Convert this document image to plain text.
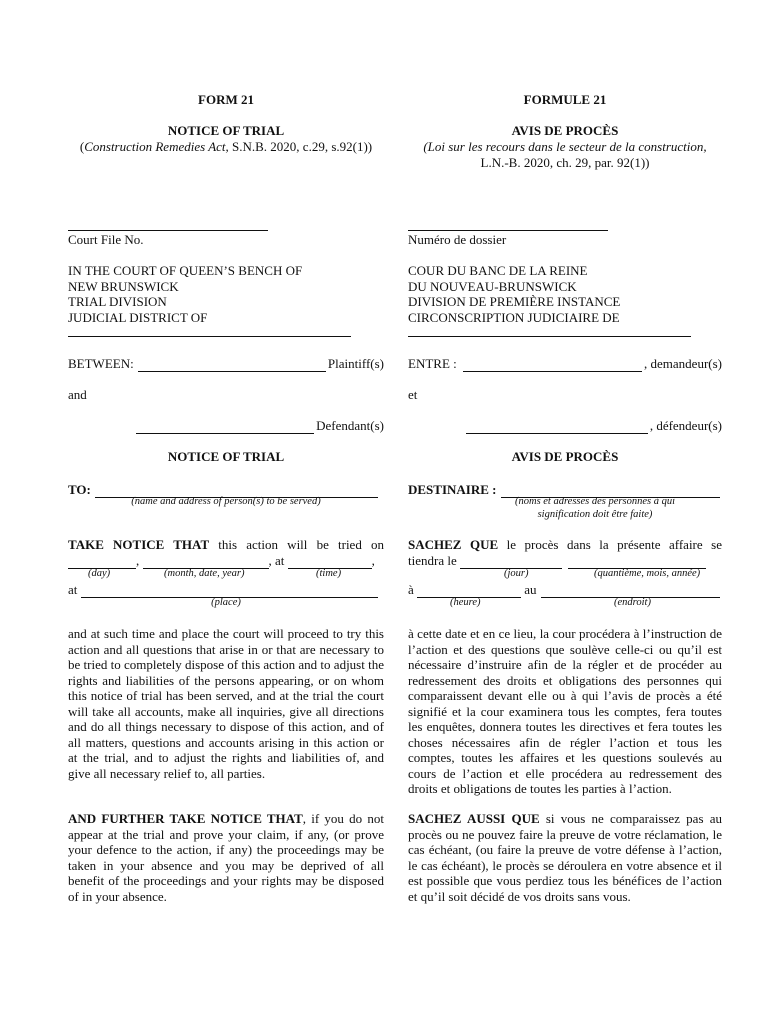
FORM 21
NOTICE OF TRIAL
(Construction Remedies Act, S.N.B. 2020, c.29, s.92(1))
Court File No.
IN THE COURT OF QUEEN’S BENCH OF
NEW BRUNSWICK
TRIAL DIVISION
JUDICIAL DISTRICT OF
BETWEEN:	Plaintiff(s)
and
Defendant(s)
NOTICE OF TRIAL
TO:
(name and address of person(s) to be served)
TAKE NOTICE THAT this action will be tried on
,	, at
	,
(day)	(month, date, year)	(time)
at
(place)
and at such time and place the court will proceed to try this action and all questions that arise in or that are necessary to be tried to completely dispose of this action and to adjust the rights and liabilities of the persons appearing, or on whom this notice of trial has been served, and at the trial the court will take all accounts, make all inquiries, give all directions and do all things necessary to dispose of this action, and of all matters, questions and accounts arising in this action or at the trial, and to adjust the rights and liabilities of, and give all necessary relief to, all parties.
AND FURTHER TAKE NOTICE THAT, if you do not appear at the trial and prove your claim, if any, (or prove your defence to the action, if any) the proceedings may be taken in your absence and you may be deprived of all benefit of the proceedings and your rights may be disposed of in your absence.
FORMULE 21
AVIS DE PROCÈS
(Loi sur les recours dans le secteur de la construction,
L.N.-B. 2020, ch. 29, par. 92(1))
Numéro de dossier
COUR DU BANC DE LA REINE
DU NOUVEAU-BRUNSWICK
DIVISION DE PREMIÈRE INSTANCE
CIRCONSCRIPTION JUDICIAIRE DE
ENTRE :	, demandeur(s)
et
, défendeur(s)
AVIS DE PROCÈS
DESTINAIRE :
(noms et adresses des personnes à qui
signification doit être faite)
SACHEZ QUE le procès dans la présente affaire se
tiendra le

(jour)	(quantième, mois, année)
à

	au
(heure)	(endroit)
à cette date et en ce lieu, la cour procédera à l’instruction de l’action et des questions que soulève celle-ci ou qu’il est nécessaire d’instruire afin de la régler et de procéder au redressement des droits et obligations des personnes qui comparaissent devant elle ou à qui l’avis de procès a été signifié et la cour examinera tous les comptes, fera toutes les enquêtes, donnera toutes les directives et fera toutes les choses nécessaires afin de régler l’action et tous les comptes, toutes les affaires et les questions soulevés au cours de l’action et elle procédera au redressement des droits et obligations de toutes les parties à l’action.
SACHEZ AUSSI QUE si vous ne comparaissez pas au procès ou ne pouvez faire la preuve de votre réclamation, le cas échéant, (ou faire la preuve de votre défense à l’action, le cas échéant), le procès se déroulera en votre absence et il est possible que vous perdiez tous les bénéfices de l’action et qu’il soit décidé de vos droits sans vous.
